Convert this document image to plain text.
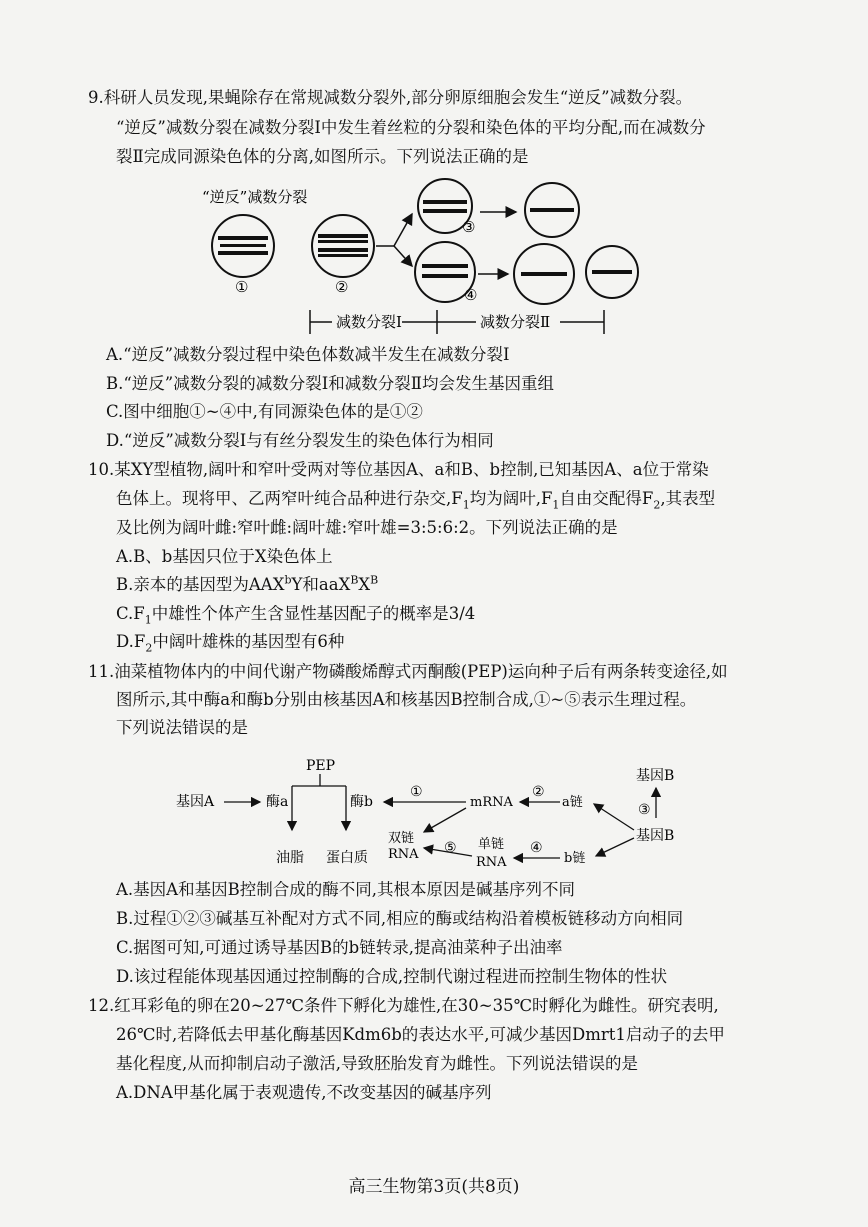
9.科研人员发现,果蝇除存在常规减数分裂外,部分卵原细胞会发生“逆反”减数分裂。
“逆反”减数分裂在减数分裂Ⅰ中发生着丝粒的分裂和染色体的平均分配,而在减数分
裂Ⅱ完成同源染色体的分离,如图所示。下列说法正确的是
“逆反”减数分裂
①	②
③
④
减数分裂Ⅰ	减数分裂Ⅱ
A.“逆反”减数分裂过程中染色体数减半发生在减数分裂Ⅰ
B.“逆反”减数分裂的减数分裂Ⅰ和减数分裂Ⅱ均会发生基因重组
C.图中细胞①~④中,有同源染色体的是①②
D.“逆反”减数分裂Ⅰ与有丝分裂发生的染色体行为相同
10.某XY型植物,阔叶和窄叶受两对等位基因A、a和B、b控制,已知基因A、a位于常染
色体上。现将甲、乙两窄叶纯合品种进行杂交$,F_1$均为阔叶$,F_1$自由交配得$F_2$,其表型
及比例为阔叶雌:窄叶雌:阔叶雄:窄叶雄=3:5:6:2。下列说法正确的是
A.B、b基因只位于X染色体上
B.亲本的基因型为AAX$^b$Y和$aaX^BX^B$
$C.F_1$中雄性个体产生含显性基因配子的概率是3/4
$D.F_2$中阔叶雄株的基因型有6种
11.油菜植物体内的中间代谢产物磷酸烯醇式丙酮酸(PEP)运向种子后有两条转变途径,如
图所示,其中酶a和酶b分别由核基因A和核基因B控制合成,①~⑤表示生理过程。
下列说法错误的是
PEP
基因A	酶a	酶b
油脂 蛋白质
①
mRNA
②
a链
基因B
③
基因B
b链
④
单链
RNA
⑤
双链
RNA
A.基因A和基因B控制合成的酶不同,其根本原因是碱基序列不同
B.过程①②③碱基互补配对方式不同,相应的酶或结构沿着模板链移动方向相同
C.据图可知,可通过诱导基因B的b链转录,提高油菜种子出油率
D.该过程能体现基因通过控制酶的合成,控制代谢过程进而控制生物体的性状
12.红耳彩龟的卵在20~27℃条件下孵化为雄性,在30~35℃时孵化为雌性。研究表明,
26℃时,若降低去甲基化酶基因Kdm6b的表达水平,可减少基因Dmrt1启动子的去甲
基化程度,从而抑制启动子激活,导致胚胎发育为雌性。下列说法错误的是
A.DNA甲基化属于表观遗传,不改变基因的碱基序列
高三生物第3页(共8页)
